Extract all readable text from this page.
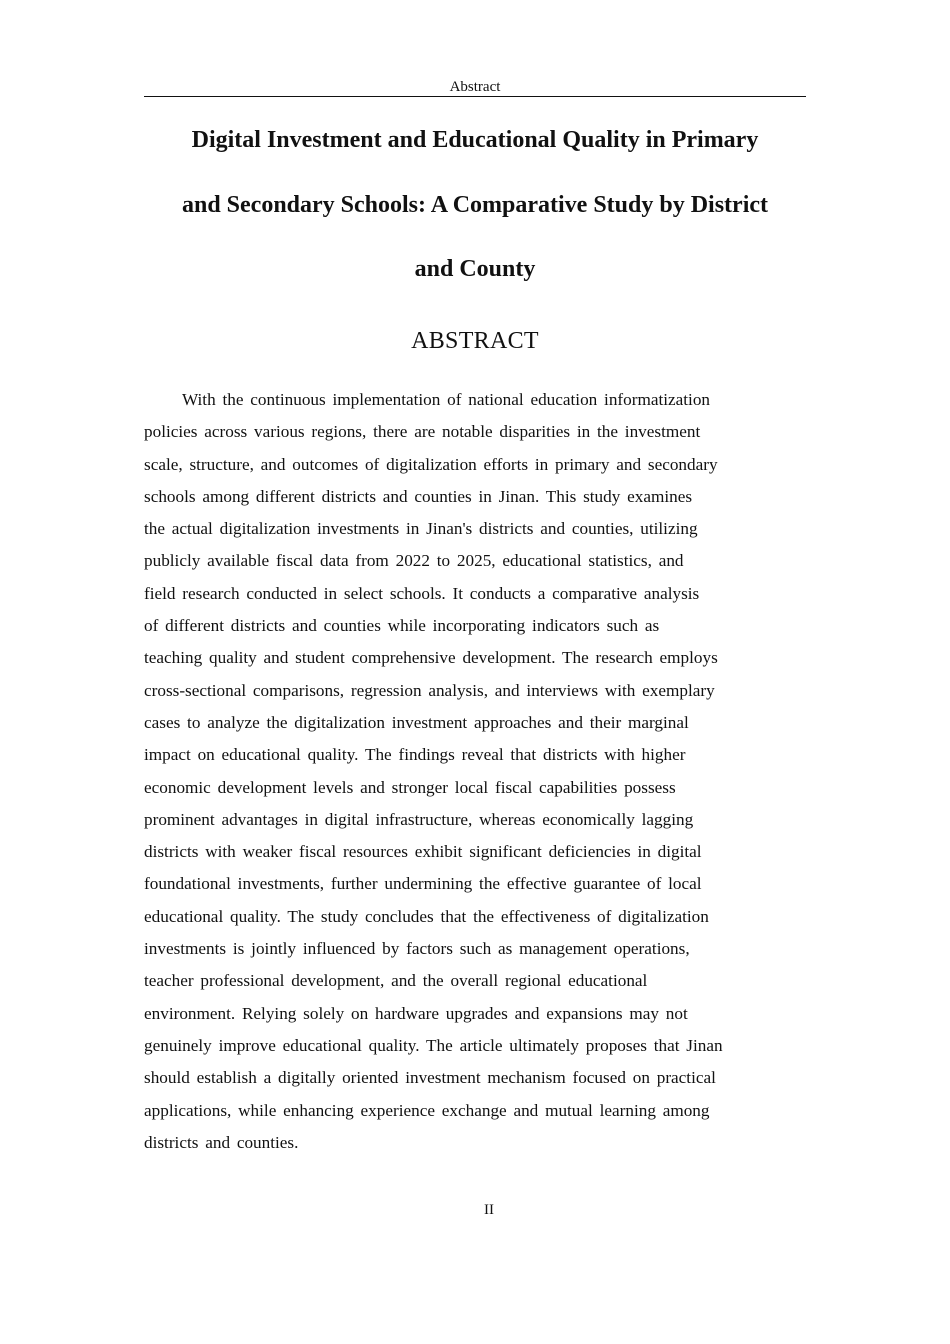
Abstract
Digital Investment and Educational Quality in Primary
and Secondary Schools: A Comparative Study by District
and County
ABSTRACT
With the continuous implementation of national education informatization
policies across various regions, there are notable disparities in the investment
scale, structure, and outcomes of digitalization efforts in primary and secondary
schools among different districts and counties in Jinan. This study examines
the actual digitalization investments in Jinan's districts and counties, utilizing
publicly available fiscal data from 2022 to 2025, educational statistics, and
field research conducted in select schools. It conducts a comparative analysis
of different districts and counties while incorporating indicators such as
teaching quality and student comprehensive development. The research employs
cross-sectional comparisons, regression analysis, and interviews with exemplary
cases to analyze the digitalization investment approaches and their marginal
impact on educational quality. The findings reveal that districts with higher
economic development levels and stronger local fiscal capabilities possess
prominent advantages in digital infrastructure, whereas economically lagging
districts with weaker fiscal resources exhibit significant deficiencies in digital
foundational investments, further undermining the effective guarantee of local
educational quality. The study concludes that the effectiveness of digitalization
investments is jointly influenced by factors such as management operations,
teacher professional development, and the overall regional educational
environment. Relying solely on hardware upgrades and expansions may not
genuinely improve educational quality. The article ultimately proposes that Jinan
should establish a digitally oriented investment mechanism focused on practical
applications, while enhancing experience exchange and mutual learning among
districts and counties.
II
